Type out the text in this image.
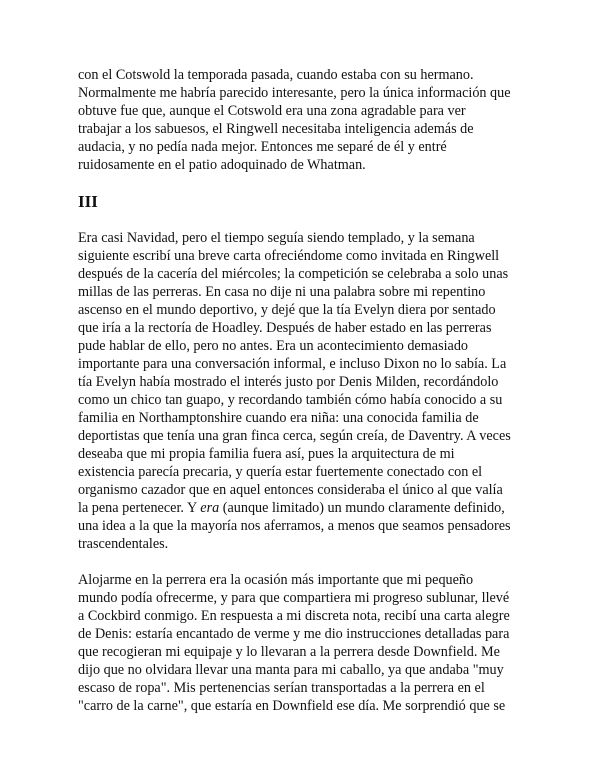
con el Cotswold la temporada pasada, cuando estaba con su hermano.
Normalmente me habría parecido interesante, pero la única información que
obtuve fue que, aunque el Cotswold era una zona agradable para ver
trabajar a los sabuesos, el Ringwell necesitaba inteligencia además de
audacia, y no pedía nada mejor. Entonces me separé de él y entré
ruidosamente en el patio adoquinado de Whatman.

III

Era casi Navidad, pero el tiempo seguía siendo templado, y la semana
siguiente escribí una breve carta ofreciéndome como invitada en Ringwell
después de la cacería del miércoles; la competición se celebraba a solo unas
millas de las perreras. En casa no dije ni una palabra sobre mi repentino
ascenso en el mundo deportivo, y dejé que la tía Evelyn diera por sentado
que iría a la rectoría de Hoadley. Después de haber estado en las perreras
pude hablar de ello, pero no antes. Era un acontecimiento demasiado
importante para una conversación informal, e incluso Dixon no lo sabía. La
tía Evelyn había mostrado el interés justo por Denis Milden, recordándolo
como un chico tan guapo, y recordando también cómo había conocido a su
familia en Northamptonshire cuando era niña: una conocida familia de
deportistas que tenía una gran finca cerca, según creía, de Daventry. A veces
deseaba que mi propia familia fuera así, pues la arquitectura de mi
existencia parecía precaria, y quería estar fuertemente conectado con el
organismo cazador que en aquel entonces consideraba el único al que valía
la pena pertenecer. Y era (aunque limitado) un mundo claramente definido,
una idea a la que la mayoría nos aferramos, a menos que seamos pensadores
trascendentales.

Alojarme en la perrera era la ocasión más importante que mi pequeño
mundo podía ofrecerme, y para que compartiera mi progreso sublunar, llevé
a Cockbird conmigo. En respuesta a mi discreta nota, recibí una carta alegre
de Denis: estaría encantado de verme y me dio instrucciones detalladas para
que recogieran mi equipaje y lo llevaran a la perrera desde Downfield. Me
dijo que no olvidara llevar una manta para mi caballo, ya que andaba "muy
escaso de ropa". Mis pertenencias serían transportadas a la perrera en el
"carro de la carne", que estaría en Downfield ese día. Me sorprendió que se
